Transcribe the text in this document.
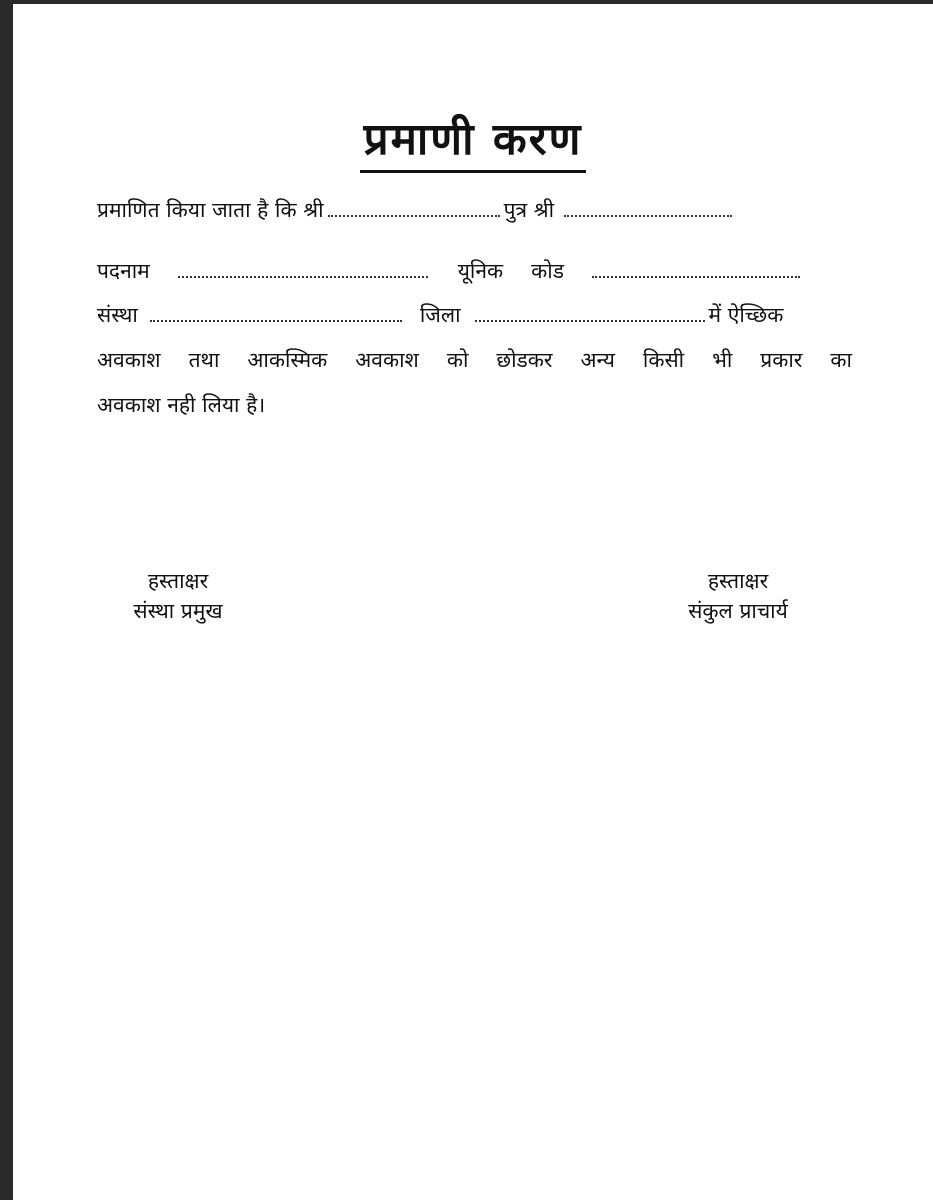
प्रमाणी करण
प्रमाणित किया जाता है कि श्री	पुत्र श्री
पदनाम	यूनिक कोड
संस्था	जिला	में ऐच्छिक
अवकाश तथा आकस्मिक अवकाश को छोडकर अन्य किसी भी प्रकार का
अवकाश नही लिया है।
हस्ताक्षर
संस्था प्रमुख
हस्ताक्षर
संकुल प्राचार्य
